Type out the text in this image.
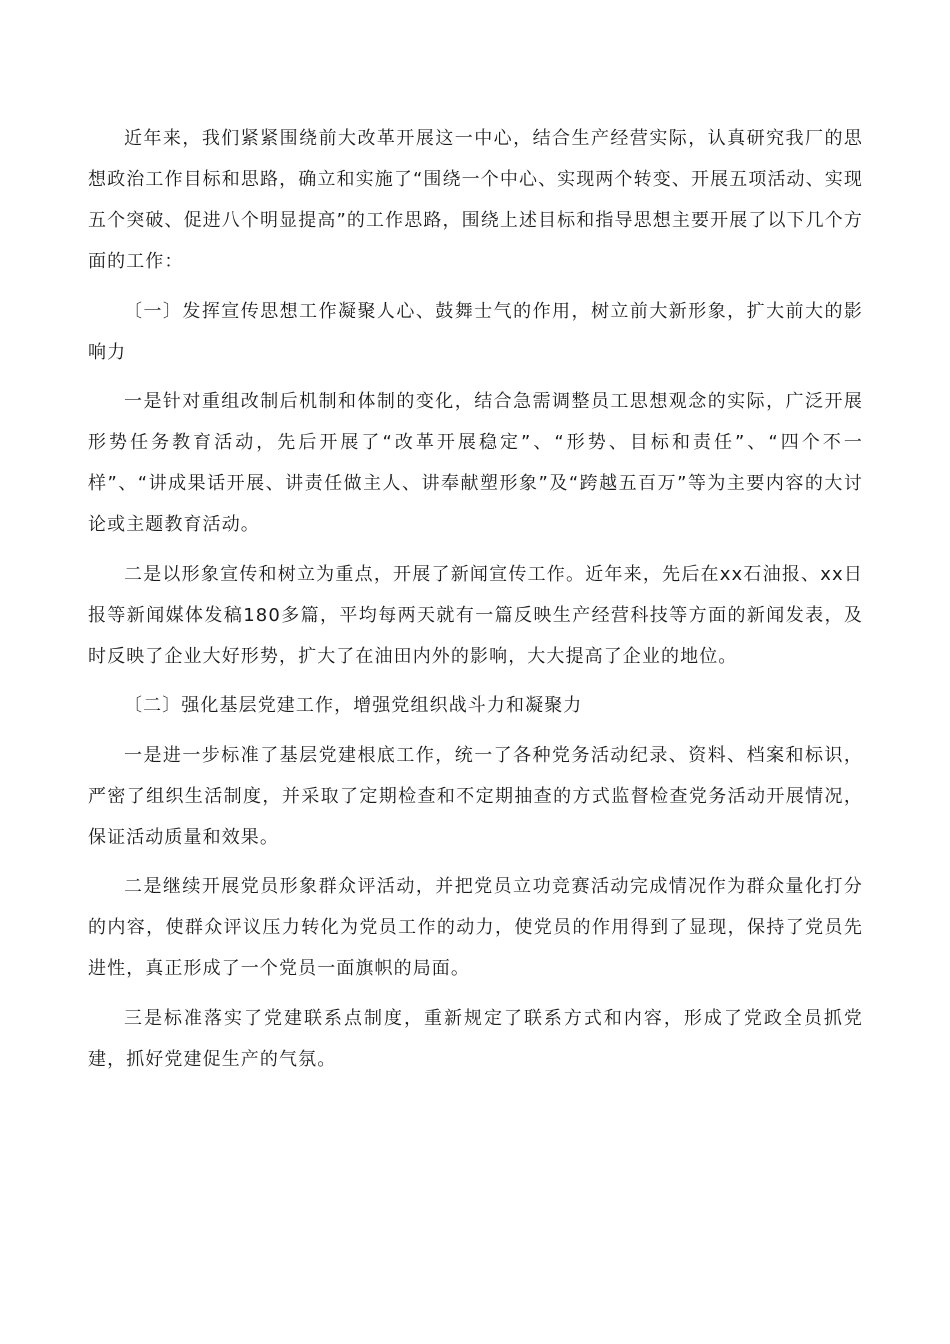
近年来，我们紧紧围绕前大改革开展这一中心，结合生产经营实际，认真研究我厂的思想政治工作目标和思路，确立和实施了“围绕一个中心、实现两个转变、开展五项活动、实现五个突破、促进八个明显提高”的工作思路，围绕上述目标和指导思想主要开展了以下几个方面的工作：

〔一〕发挥宣传思想工作凝聚人心、鼓舞士气的作用，树立前大新形象，扩大前大的影响力

一是针对重组改制后机制和体制的变化，结合急需调整员工思想观念的实际，广泛开展形势任务教育活动，先后开展了“改革开展稳定”、“形势、目标和责任”、“四个不一样”、“讲成果话开展、讲责任做主人、讲奉献塑形象”及“跨越五百万”等为主要内容的大讨论或主题教育活动。

二是以形象宣传和树立为重点，开展了新闻宣传工作。近年来，先后在xx石油报、xx日报等新闻媒体发稿180多篇，平均每两天就有一篇反映生产经营科技等方面的新闻发表，及时反映了企业大好形势，扩大了在油田内外的影响，大大提高了企业的地位。

〔二〕强化基层党建工作，增强党组织战斗力和凝聚力

一是进一步标准了基层党建根底工作，统一了各种党务活动纪录、资料、档案和标识，严密了组织生活制度，并采取了定期检查和不定期抽查的方式监督检查党务活动开展情况，保证活动质量和效果。

二是继续开展党员形象群众评活动，并把党员立功竞赛活动完成情况作为群众量化打分的内容，使群众评议压力转化为党员工作的动力，使党员的作用得到了显现，保持了党员先进性，真正形成了一个党员一面旗帜的局面。

三是标准落实了党建联系点制度，重新规定了联系方式和内容，形成了党政全员抓党建，抓好党建促生产的气氛。
